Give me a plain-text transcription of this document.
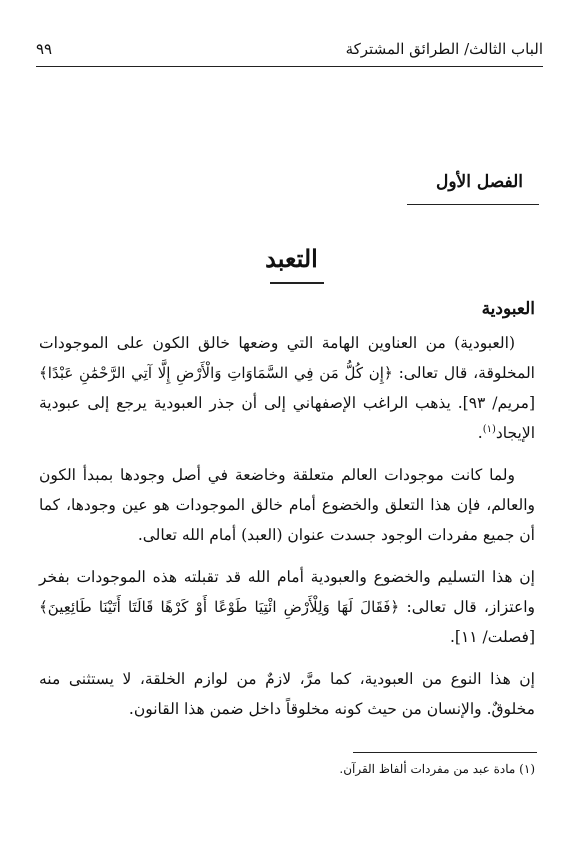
الباب الثالث/ الطرائق المشتركة
٩٩
الفصل الأول
التعبد
العبودية

(العبودية) من العناوين الهامة التي وضعها خالق الكون على الموجودات المخلوقة، قال تعالى: ﴿إِن كُلُّ مَن فِي السَّمَاوَاتِ وَالْأَرْضِ إِلَّا آتِي الرَّحْمَٰنِ عَبْدًا﴾ [مريم/ ٩٣]. يذهب الراغب الإصفهاني إلى أن جذر العبودية يرجع إلى عبودية الإيجاد$^{(١)}$.

ولما كانت موجودات العالم متعلقة وخاضعة في أصل وجودها بمبدأ الكون والعالم، فإن هذا التعلق والخضوع أمام خالق الموجودات هو عين وجودها، كما أن جميع مفردات الوجود جسدت عنوان (العبد) أمام الله تعالى.

إن هذا التسليم والخضوع والعبودية أمام الله قد تقبلته هذه الموجودات بفخر واعتزاز، قال تعالى: ﴿فَقَالَ لَهَا وَلِلْأَرْضِ ائْتِيَا طَوْعًا أَوْ كَرْهًا قَالَتَا أَتَيْنَا طَائِعِينَ﴾ [فصلت/ ١١].

إن هذا النوع من العبودية، كما مرَّ، لازمٌ من لوازم الخلقة، لا يستثنى منه مخلوقٌ. والإنسان من حيث كونه مخلوقاً داخل ضمن هذا القانون.

(١) مادة عبد من مفردات ألفاظ القرآن.
